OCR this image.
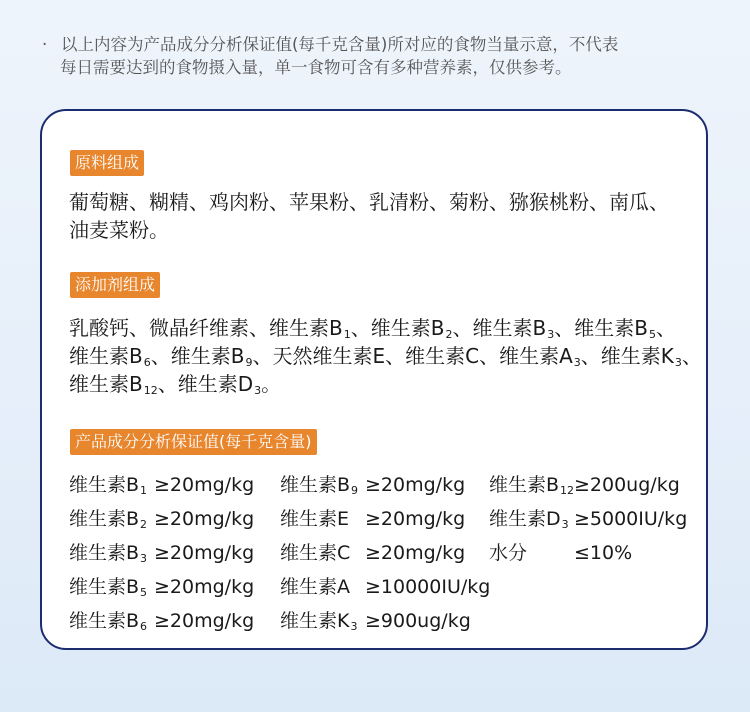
· 以上内容为产品成分分析保证值(每千克含量)所对应的食物当量示意，不代表
每日需要达到的食物摄入量，单一食物可含有多种营养素，仅供参考。
原料组成
葡萄糖、糊精、鸡肉粉、苹果粉、乳清粉、菊粉、猕猴桃粉、南瓜、
油麦菜粉。
添加剂组成
乳酸钙、微晶纤维素、维生素$B_1$、维生素$B_2$、维生素$B_3$、维生素$B_5$、
维生素$B_6$、维生素$B_9$、天然维生素E、维生素C、维生素$A_3$、维生素$K_3$、
维生素$B_{12}$、维生素$D_3$。
产品成分分析保证值(每千克含量)
维生素$B_1 \ge 20mg/kg$ 维生素$B_9 \ge 20mg/kg$ 维生素$B_{12}\ge 200ug/kg$
维生素$B_2 \ge 20mg/kg$ 维生素E ≥20mg/kg 维生素$D_3 \ge 5000IU/kg$
维生素$B_3 \ge 20mg/kg$ 维生素C ≥20mg/kg 水分 ≤10%
维生素$B_5 \ge 20mg/kg$ 维生素A ≥10000IU/kg
维生素$B_6 \ge 20mg/kg$ 维生素$K_3 \ge 900ug/kg$
